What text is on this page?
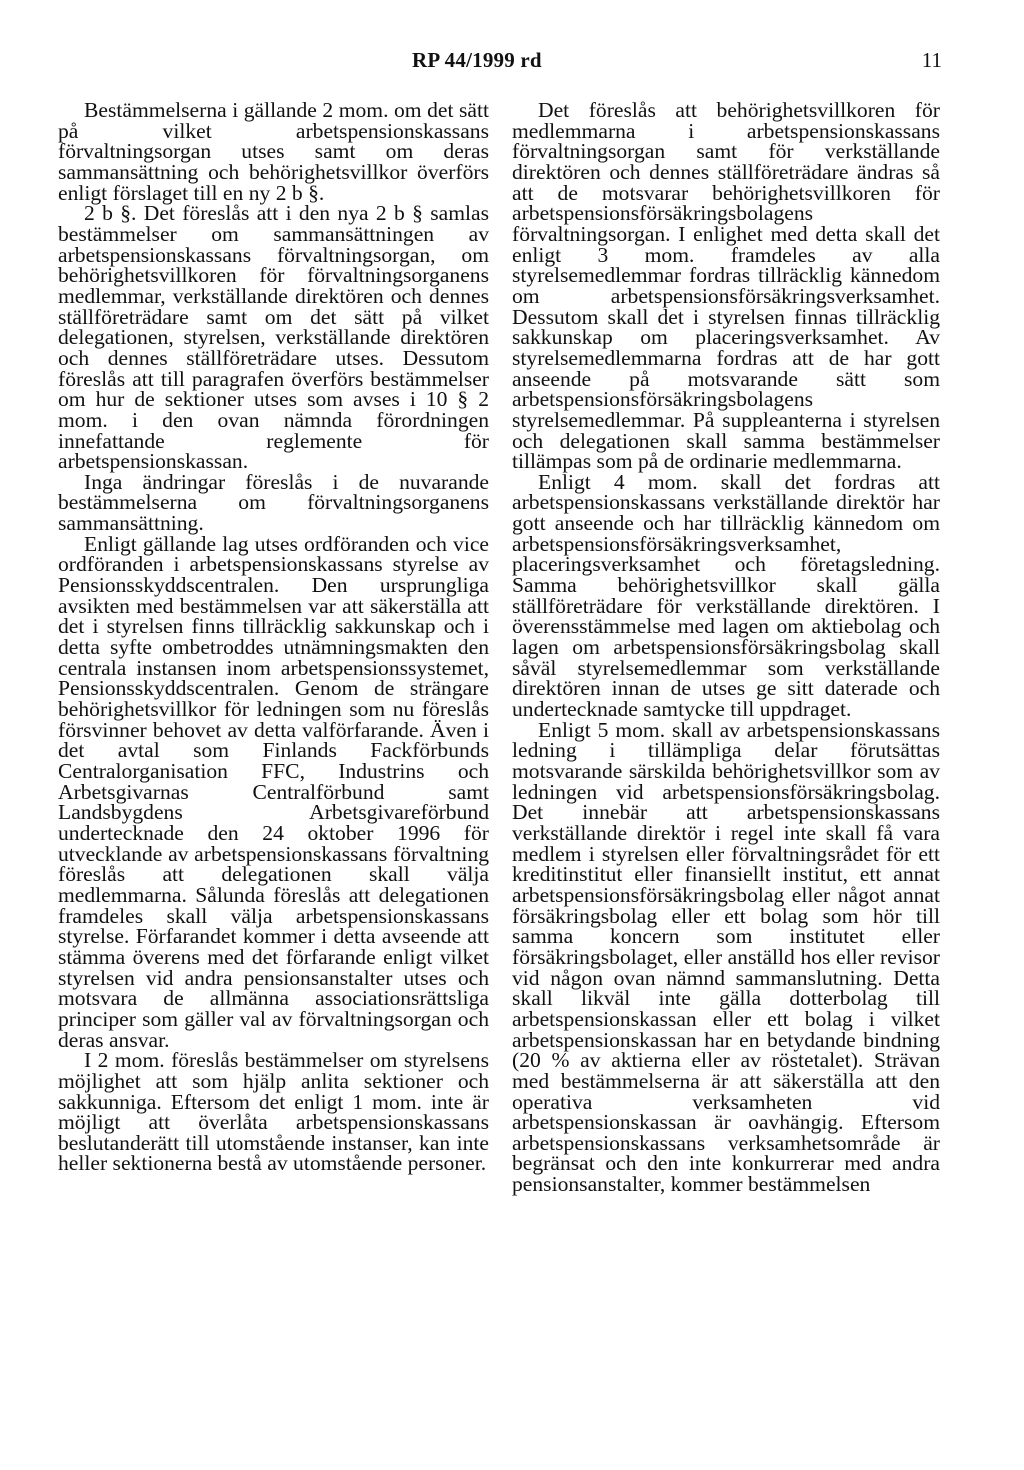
RP 44/1999 rd	11

Bestämmelserna i gällande 2 mom. om det sätt på vilket arbetspensionskassans förvaltningsorgan utses samt om deras sammansättning och behörighetsvillkor överförs enligt förslaget till en ny 2 b §.

2 b §. Det föreslås att i den nya 2 b § samlas bestämmelser om sammansättningen av arbetspensionskassans förvaltningsorgan, om behörighetsvillkoren för förvaltningsorganens medlemmar, verkställande direktören och dennes ställföreträdare samt om det sätt på vilket delegationen, styrelsen, verkställande direktören och dennes ställföreträdare utses. Dessutom föreslås att till paragrafen överförs bestämmelser om hur de sektioner utses som avses i 10 § 2 mom. i den ovan nämnda förordningen innefattande reglemente för arbetspensionskassan.

Inga ändringar föreslås i de nuvarande bestämmelserna om förvaltningsorganens sammansättning.

Enligt gällande lag utses ordföranden och vice ordföranden i arbetspensionskassans styrelse av Pensionsskyddscentralen. Den ursprungliga avsikten med bestämmelsen var att säkerställa att det i styrelsen finns tillräcklig sakkunskap och i detta syfte ombetroddes utnämningsmakten den centrala instansen inom arbetspensionssystemet, Pensionsskyddscentralen. Genom de strängare behörighetsvillkor för ledningen som nu föreslås försvinner behovet av detta valförfarande. Även i det avtal som Finlands Fackförbunds Centralorganisation FFC, Industrins och Arbetsgivarnas Centralförbund samt Landsbygdens Arbetsgivareförbund undertecknade den 24 oktober 1996 för utvecklande av arbetspensionskassans förvaltning föreslås att delegationen skall välja medlemmarna. Sålunda föreslås att delegationen framdeles skall välja arbetspensionskassans styrelse. Förfarandet kommer i detta avseende att stämma överens med det förfarande enligt vilket styrelsen vid andra pensionsanstalter utses och motsvara de allmänna associationsrättsliga principer som gäller val av förvaltningsorgan och deras ansvar.

I 2 mom. föreslås bestämmelser om styrelsens möjlighet att som hjälp anlita sektioner och sakkunniga. Eftersom det enligt 1 mom. inte är möjligt att överlåta arbetspensionskassans beslutanderätt till utomstående instanser, kan inte heller sektionerna bestå av utomstående personer.

Det föreslås att behörighetsvillkoren för medlemmarna i arbetspensionskassans förvaltningsorgan samt för verkställande direktören och dennes ställföreträdare ändras så att de motsvarar behörighetsvillkoren för arbetspensionsförsäkringsbolagens förvaltningsorgan. I enlighet med detta skall det enligt 3 mom. framdeles av alla styrelsemedlemmar fordras tillräcklig kännedom om arbetspensionsförsäkringsverksamhet. Dessutom skall det i styrelsen finnas tillräcklig sakkunskap om placeringsverksamhet. Av styrelsemedlemmarna fordras att de har gott anseende på motsvarande sätt som arbetspensionsförsäkringsbolagens styrelsemedlemmar. På suppleanterna i styrelsen och delegationen skall samma bestämmelser tillämpas som på de ordinarie medlemmarna.

Enligt 4 mom. skall det fordras att arbetspensionskassans verkställande direktör har gott anseende och har tillräcklig kännedom om arbetspensionsförsäkringsverksamhet, placeringsverksamhet och företagsledning. Samma behörighetsvillkor skall gälla ställföreträdare för verkställande direktören. I överensstämmelse med lagen om aktiebolag och lagen om arbetspensionsförsäkringsbolag skall såväl styrelsemedlemmar som verkställande direktören innan de utses ge sitt daterade och undertecknade samtycke till uppdraget.

Enligt 5 mom. skall av arbetspensionskassans ledning i tillämpliga delar förutsättas motsvarande särskilda behörighetsvillkor som av ledningen vid arbetspensionsförsäkringsbolag. Det innebär att arbetspensionskassans verkställande direktör i regel inte skall få vara medlem i styrelsen eller förvaltningsrådet för ett kreditinstitut eller finansiellt institut, ett annat arbetspensionsförsäkringsbolag eller något annat försäkringsbolag eller ett bolag som hör till samma koncern som institutet eller försäkringsbolaget, eller anställd hos eller revisor vid någon ovan nämnd sammanslutning. Detta skall likväl inte gälla dotterbolag till arbetspensionskassan eller ett bolag i vilket arbetspensionskassan har en betydande bindning (20 % av aktierna eller av röstetalet). Strävan med bestämmelserna är att säkerställa att den operativa verksamheten vid arbetspensionskassan är oavhängig. Eftersom arbetspensionskassans verksamhetsområde är begränsat och den inte konkurrerar med andra pensionsanstalter, kommer bestämmelsen
